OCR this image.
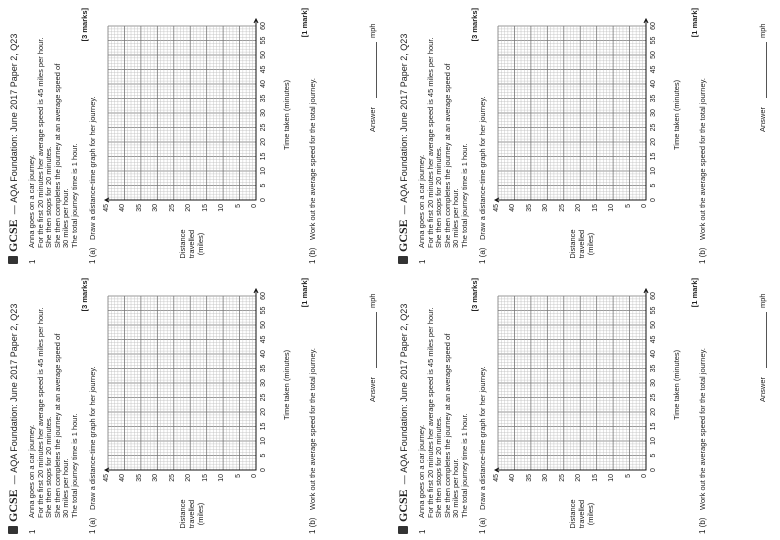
GCSE  — AQA Foundation: June 2017 Paper 2, Q23
1
Anna goes on a car journey. For the first 20 minutes her average speed is 45 miles per hour. She then stops for 20 minutes. She then completes the journey at an average speed of 30 miles per hour. The total journey time is 1 hour.
1 (a)
Draw a distance-time graph for her journey.
[3 marks]
Distance travelled (miles)
0
5
10
15
20
25
30
35
40
45
0
5
10
15
20
25
30
35
40
45
50
55
60
Time taken (minutes)
1 (b)
Work out the average speed for the total journey.
[1 mark]
Answer
mph
GCSE  — AQA Foundation: June 2017 Paper 2, Q23
1
Anna goes on a car journey. For the first 20 minutes her average speed is 45 miles per hour. She then stops for 20 minutes. She then completes the journey at an average speed of 30 miles per hour. The total journey time is 1 hour.
1 (a)
Draw a distance-time graph for her journey.
[3 marks]
Distance travelled (miles)
0
5
10
15
20
25
30
35
40
45
0
5
10
15
20
25
30
35
40
45
50
55
60
Time taken (minutes)
1 (b)
Work out the average speed for the total journey.
[1 mark]
Answer
mph
GCSE  — AQA Foundation: June 2017 Paper 2, Q23
1
Anna goes on a car journey. For the first 20 minutes her average speed is 45 miles per hour. She then stops for 20 minutes. She then completes the journey at an average speed of 30 miles per hour. The total journey time is 1 hour.
1 (a)
Draw a distance-time graph for her journey.
[3 marks]
Distance travelled (miles)
0
5
10
15
20
25
30
35
40
45
0
5
10
15
20
25
30
35
40
45
50
55
60
Time taken (minutes)
1 (b)
Work out the average speed for the total journey.
[1 mark]
Answer
mph
GCSE  — AQA Foundation: June 2017 Paper 2, Q23
1
Anna goes on a car journey. For the first 20 minutes her average speed is 45 miles per hour. She then stops for 20 minutes. She then completes the journey at an average speed of 30 miles per hour. The total journey time is 1 hour.
1 (a)
Draw a distance-time graph for her journey.
[3 marks]
Distance travelled (miles)
0
5
10
15
20
25
30
35
40
45
0
5
10
15
20
25
30
35
40
45
50
55
60
Time taken (minutes)
1 (b)
Work out the average speed for the total journey.
[1 mark]
Answer
mph
